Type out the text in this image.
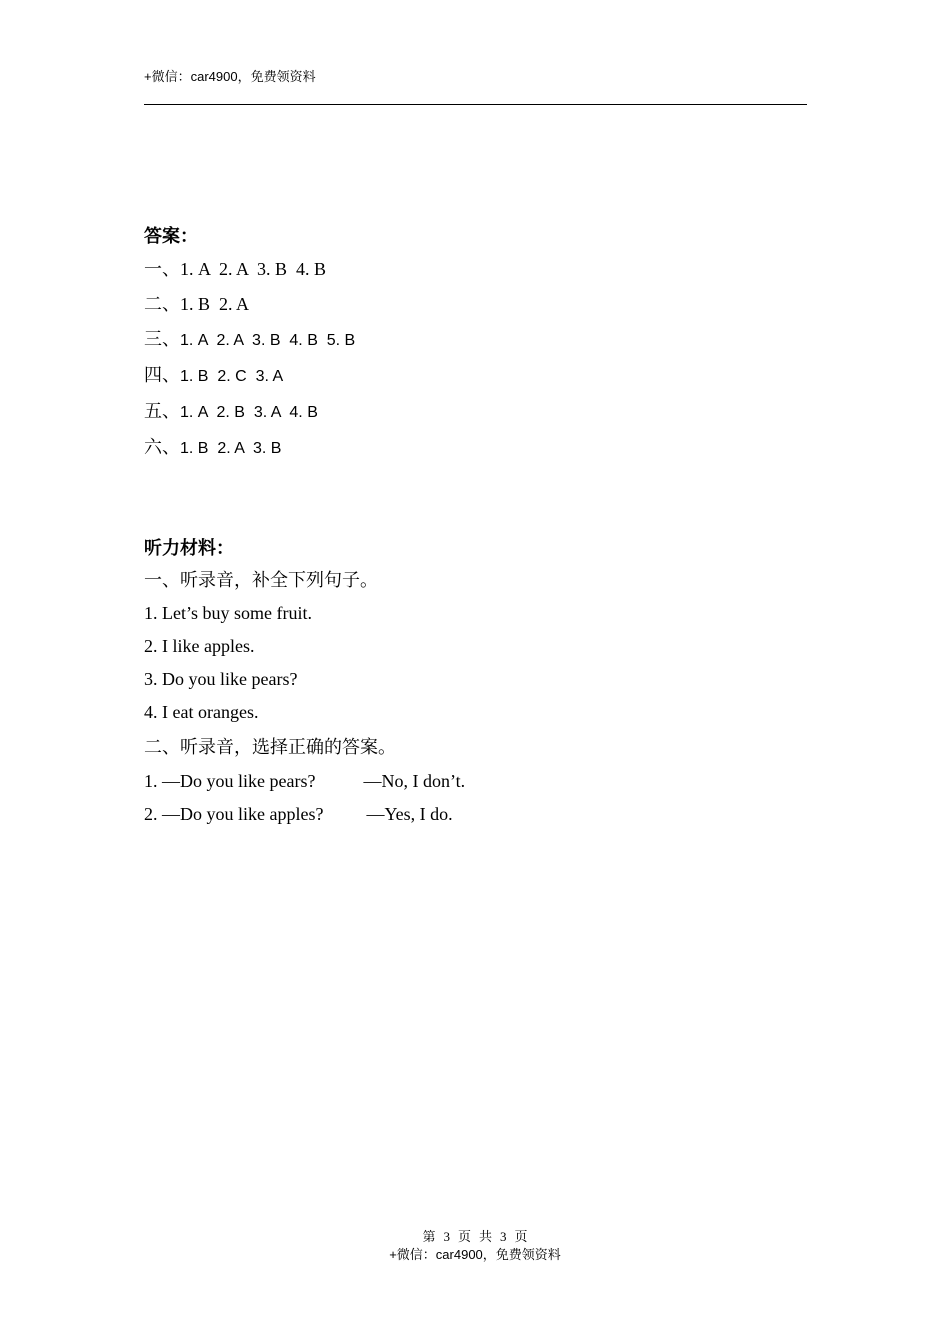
+微信：car4900，免费领资料
答案：
一、1. A  2. A  3. B  4. B
二、1. B  2. A
三、1. A  2. A  3. B  4. B  5. B
四、1. B  2. C  3. A
五、1. A  2. B  3. A  4. B
六、1. B  2. A  3. B
听力材料：
一、听录音，补全下列句子。
1. Let’s buy some fruit.
2. I like apples.
3. Do you like pears?
4. I eat oranges.
二、听录音，选择正确的答案。
1. —Do you like pears?	—No, I don’t.
2. —Do you like apples? —Yes, I do.
第 3 页 共 3 页
+微信：car4900，免费领资料
